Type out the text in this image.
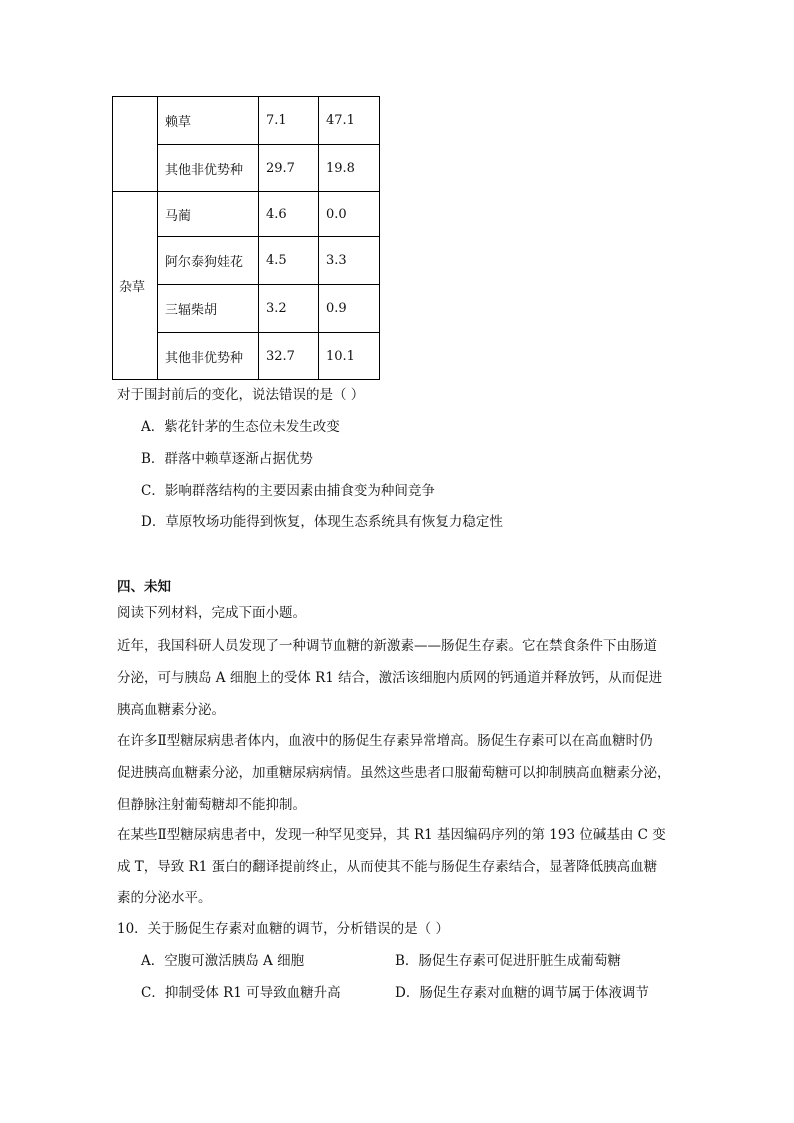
	赖草	7.1	47.1
	其他非优势种	29.7	19.8
杂草	马蔺	4.6	0.0
	阿尔泰狗娃花	4.5	3.3
	三辐柴胡	3.2	0.9
	其他非优势种	32.7	10.1
对于围封前后的变化，说法错误的是（ ）
A．紫花针茅的生态位未发生改变
B．群落中赖草逐渐占据优势
C．影响群落结构的主要因素由捕食变为种间竞争
D．草原牧场功能得到恢复，体现生态系统具有恢复力稳定性
四、未知
阅读下列材料，完成下面小题。
近年，我国科研人员发现了一种调节血糖的新激素——肠促生存素。它在禁食条件下由肠道
分泌，可与胰岛 A 细胞上的受体 R1 结合，激活该细胞内质网的钙通道并释放钙，从而促进
胰高血糖素分泌。
在许多Ⅱ型糖尿病患者体内，血液中的肠促生存素异常增高。肠促生存素可以在高血糖时仍
促进胰高血糖素分泌，加重糖尿病病情。虽然这些患者口服葡萄糖可以抑制胰高血糖素分泌，
但静脉注射葡萄糖却不能抑制。
在某些Ⅱ型糖尿病患者中，发现一种罕见变异，其 R1 基因编码序列的第 193 位碱基由 C 变
成 T，导致 R1 蛋白的翻译提前终止，从而使其不能与肠促生存素结合，显著降低胰高血糖
素的分泌水平。
10．关于肠促生存素对血糖的调节，分析错误的是（ ）
A．空腹可激活胰岛 A 细胞	B．肠促生存素可促进肝脏生成葡萄糖
C．抑制受体 R1 可导致血糖升高	D．肠促生存素对血糖的调节属于体液调节
